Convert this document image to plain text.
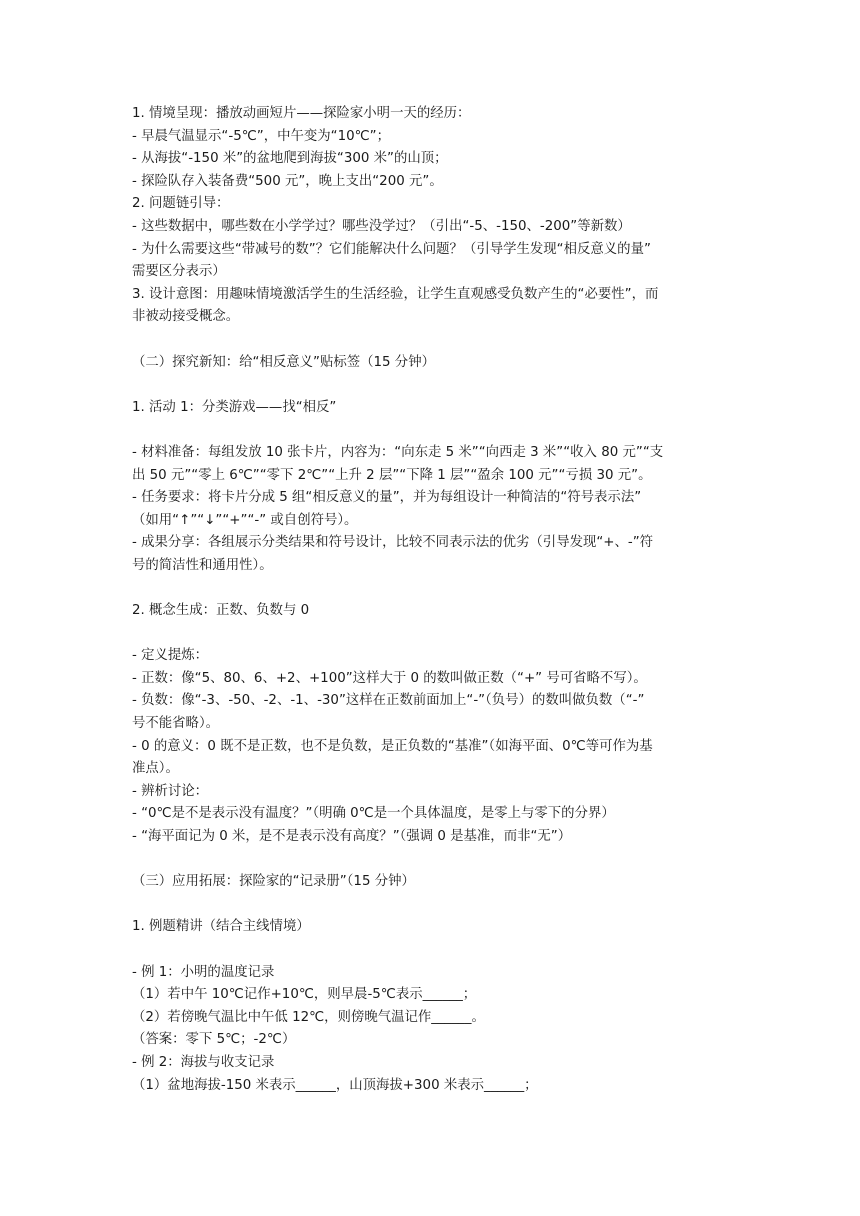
1. 情境呈现：播放动画短片——探险家小明一天的经历：
- 早晨气温显示“-5℃”，中午变为“10℃”；
- 从海拔“-150 米”的盆地爬到海拔“300 米”的山顶；
- 探险队存入装备费“500 元”，晚上支出“200 元”。
2. 问题链引导：
- 这些数据中，哪些数在小学学过？哪些没学过？（引出“-5、-150、-200”等新数）
- 为什么需要这些“带减号的数”？它们能解决什么问题？（引导学生发现“相反意义的量”
需要区分表示）
3. 设计意图：用趣味情境激活学生的生活经验，让学生直观感受负数产生的“必要性”，而
非被动接受概念。
（二）探究新知：给“相反意义”贴标签（15 分钟）
1. 活动 1：分类游戏——找“相反”
- 材料准备：每组发放 10 张卡片，内容为：“向东走 5 米”“向西走 3 米”“收入 80 元”“支
出 50 元”“零上 6℃”“零下 2℃”“上升 2 层”“下降 1 层”“盈余 100 元”“亏损 30 元”。
- 任务要求：将卡片分成 5 组“相反意义的量”，并为每组设计一种简洁的“符号表示法”
（如用“↑”“↓”“+”“-” 或自创符号）。
- 成果分享：各组展示分类结果和符号设计，比较不同表示法的优劣（引导发现“+、-”符
号的简洁性和通用性）。
2. 概念生成：正数、负数与 0
- 定义提炼：
- 正数：像“5、80、6、+2、+100”这样大于 0 的数叫做正数（“+” 号可省略不写）。
- 负数：像“-3、-50、-2、-1、-30”这样在正数前面加上“-”（负号）的数叫做负数（“-”
号不能省略）。
- 0 的意义：0 既不是正数，也不是负数，是正负数的“基准”（如海平面、0℃等可作为基
准点）。
- 辨析讨论：
- “0℃是不是表示没有温度？”（明确 0℃是一个具体温度，是零上与零下的分界）
- “海平面记为 0 米，是不是表示没有高度？”（强调 0 是基准，而非“无”）
（三）应用拓展：探险家的“记录册”（15 分钟）
1. 例题精讲（结合主线情境）
- 例 1：小明的温度记录
（1）若中午 10℃记作+10℃，则早晨-5℃表示______；
（2）若傍晚气温比中午低 12℃，则傍晚气温记作______。
（答案：零下 5℃；-2℃）
- 例 2：海拔与收支记录
（1）盆地海拔-150 米表示______，山顶海拔+300 米表示______；
